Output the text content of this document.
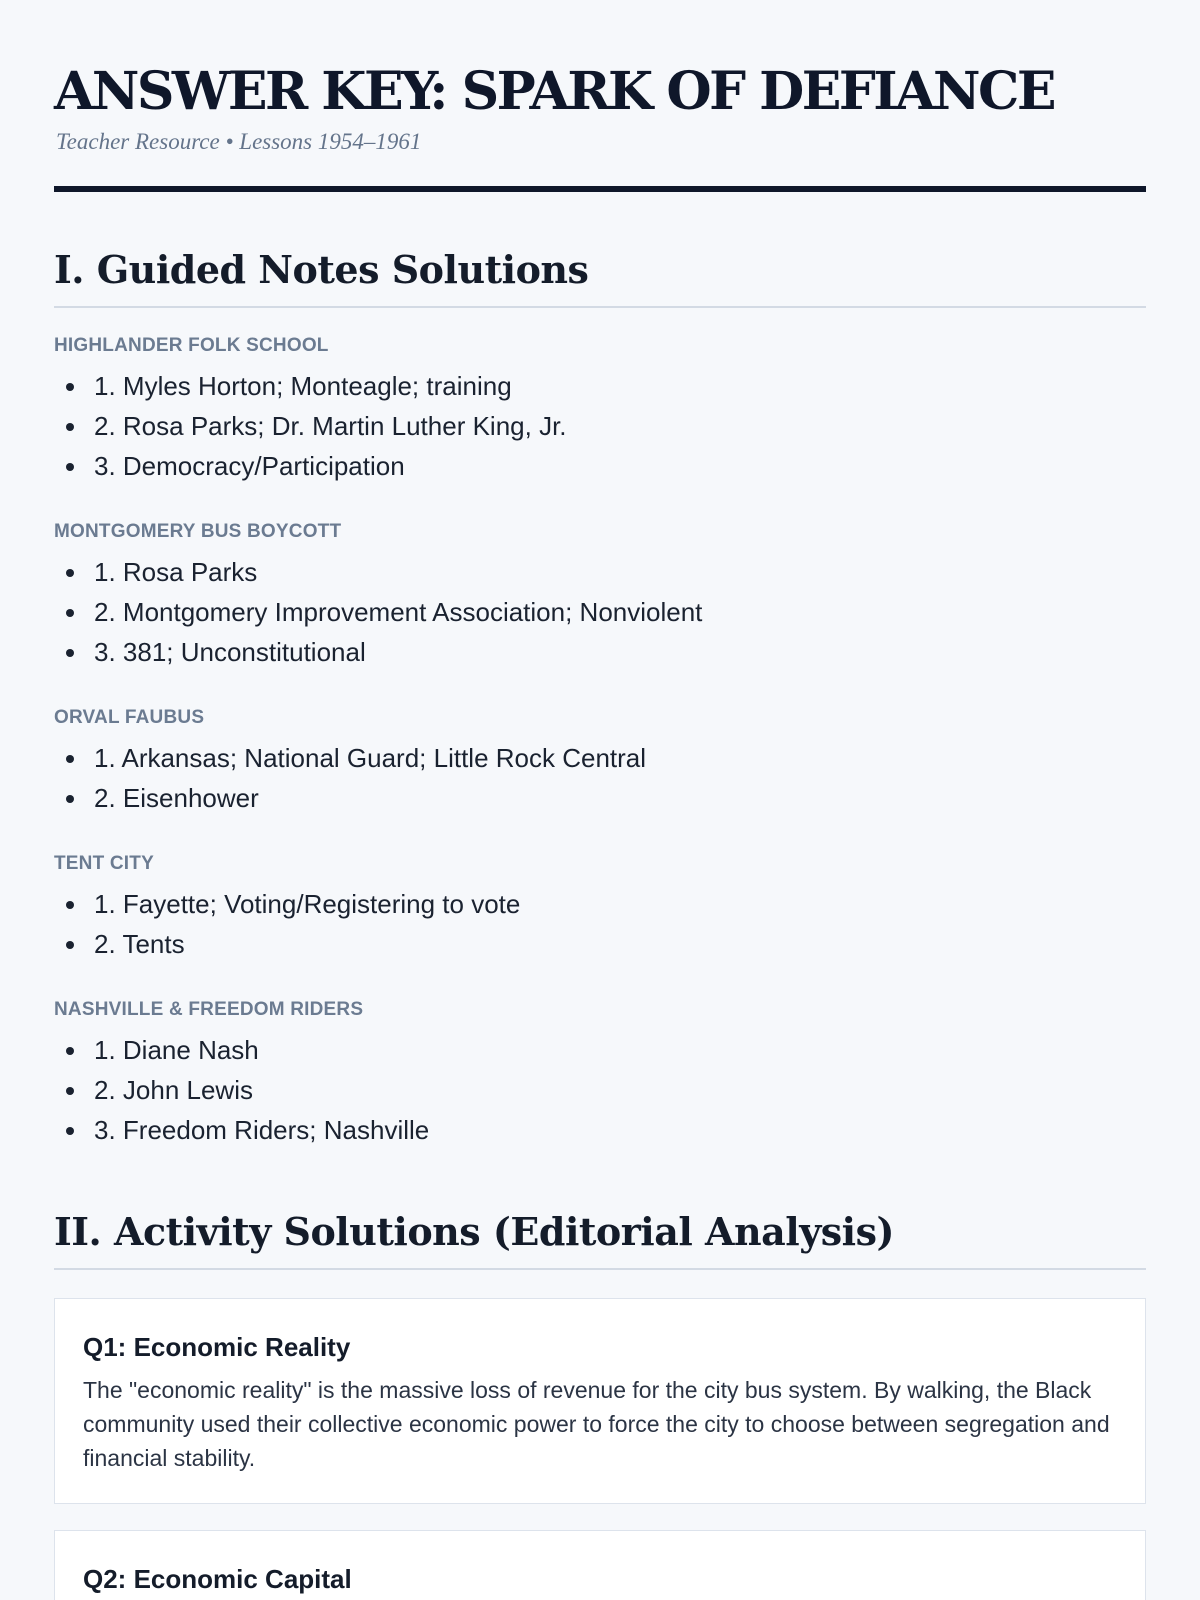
ANSWER KEY: SPARK OF DEFIANCE

Teacher Resource • Lessons 1954–1961

I. Guided Notes Solutions
HIGHLANDER FOLK SCHOOL
1. Myles Horton; Monteagle; training
2. Rosa Parks; Dr. Martin Luther King, Jr.
3. Democracy/Participation
MONTGOMERY BUS BOYCOTT
1. Rosa Parks
2. Montgomery Improvement Association; Nonviolent
3. 381; Unconstitutional
ORVAL FAUBUS
1. Arkansas; National Guard; Little Rock Central
2. Eisenhower
TENT CITY
1. Fayette; Voting/Registering to vote
2. Tents
NASHVILLE & FREEDOM RIDERS
1. Diane Nash
2. John Lewis
3. Freedom Riders; Nashville
II. Activity Solutions (Editorial Analysis)
Q1: Economic Reality
The "economic reality" is the massive loss of revenue for the city bus system. By walking, the Black community used their collective economic power to force the city to choose between segregation and financial stability.
Q2: Economic Capital
